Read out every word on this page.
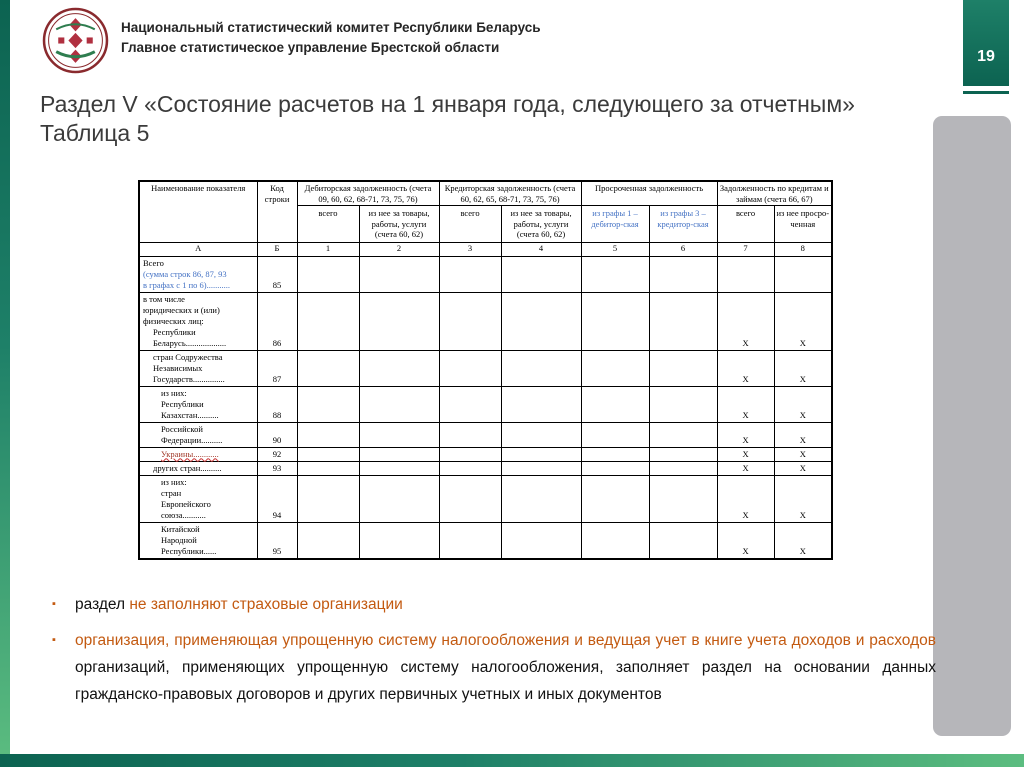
19
Национальный статистический комитет Республики Беларусь
Главное статистическое управление Брестской области
Раздел V «Состояние расчетов на 1 января года, следующего за отчетным»
Таблица 5
Наименование показателя	Код строки	Дебиторская задолженность (счета 09, 60, 62, 68-71, 73, 75, 76)		Кредиторская задолженность (счета 60, 62, 65, 68-71, 73, 75, 76)		Просроченная задолженность		Задолженность по кредитам и займам (счета 66, 67)	
		всего	из нее за товары, работы, услуги (счета 60, 62)	всего	из нее за товары, работы, услуги (счета 60, 62)	из графы 1 – дебитор-ская	из графы 3 – кредитор-ская	всего	из нее просро-ченная
А	Б	1	2	3	4	5	6	7	8

Всего
(сумма строк 86, 87, 93
в графах с 1 по 6)...........	85								

в том числе
юридических и (или)
физических лиц:
Республики
Беларусь...................	86							X	X

стран Содружества
Независимых
Государств...............	87							X	X

из них:
Республики
Казахстан..........	88							X	X

Российской
Федерации..........	90							X	X

Украины............	92							X	X

других стран..........	93							X	X

из них:
стран
Европейского
союза...........	94							X	X

Китайской
Народной
Республики......	95							X	X
▪	раздел не заполняют страховые организации
▪	организация, применяющая упрощенную систему налогообложения и ведущая учет в книге учета доходов и расходов организаций, применяющих упрощенную систему налогообложения, заполняет раздел на основании данных гражданско-правовых договоров и других первичных учетных и иных документов
